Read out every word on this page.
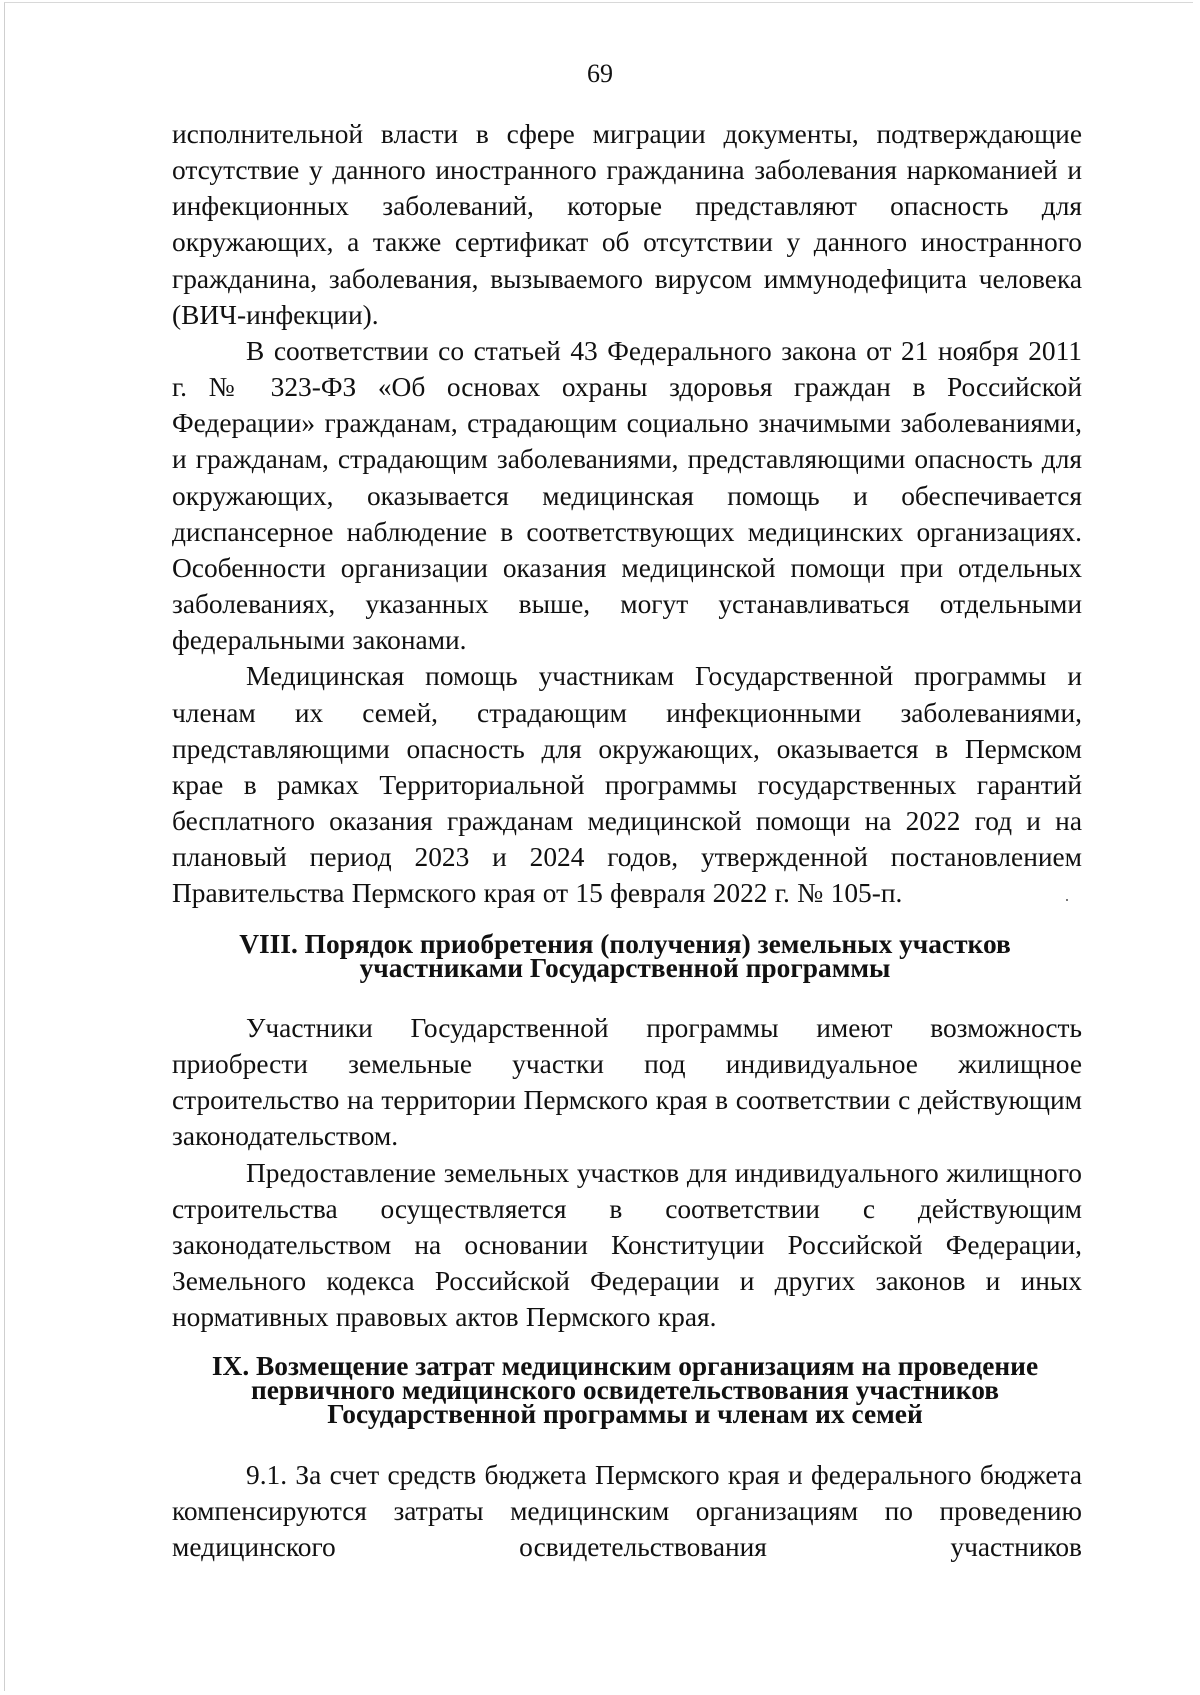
69

исполнительной власти в сфере миграции документы, подтверждающие отсутствие у данного иностранного гражданина заболевания наркоманией и инфекционных заболеваний, которые представляют опасность для окружающих, а также сертификат об отсутствии у данного иностранного гражданина, заболевания, вызываемого вирусом иммунодефицита человека (ВИЧ-инфекции).

В соответствии со статьей 43 Федерального закона от 21 ноября 2011 г. № 323-ФЗ «Об основах охраны здоровья граждан в Российской Федерации» гражданам, страдающим социально значимыми заболеваниями, и гражданам, страдающим заболеваниями, представляющими опасность для окружающих, оказывается медицинская помощь и обеспечивается диспансерное наблюдение в соответствующих медицинских организациях. Особенности организации оказания медицинской помощи при отдельных заболеваниях, указанных выше, могут устанавливаться отдельными федеральными законами.

Медицинская помощь участникам Государственной программы и членам их семей, страдающим инфекционными заболеваниями, представляющими опасность для окружающих, оказывается в Пермском крае в рамках Территориальной программы государственных гарантий бесплатного оказания гражданам медицинской помощи на 2022 год и на плановый период 2023 и 2024 годов, утвержденной постановлением Правительства Пермского края от 15 февраля 2022 г. № 105-п.

VIII. Порядок приобретения (получения) земельных участков
участниками Государственной программы

Участники Государственной программы имеют возможность приобрести земельные участки под индивидуальное жилищное строительство на территории Пермского края в соответствии с действующим законодательством.

Предоставление земельных участков для индивидуального жилищного строительства осуществляется в соответствии с действующим законодательством на основании Конституции Российской Федерации, Земельного кодекса Российской Федерации и других законов и иных нормативных правовых актов Пермского края.

IX. Возмещение затрат медицинским организациям на проведение
первичного медицинского освидетельствования участников
Государственной программы и членам их семей

9.1. За счет средств бюджета Пермского края и федерального бюджета компенсируются затраты медицинским организациям по проведению медицинского освидетельствования участников
